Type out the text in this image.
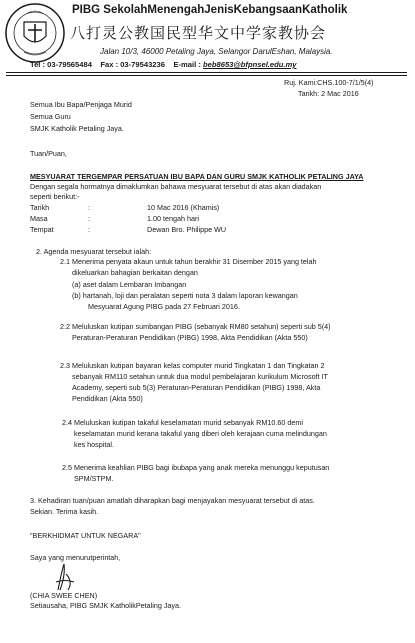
PIBG SekolahMenengahJenisKebangsaanKatholik
八打灵公教国民型华文中学家教协会
Jalan 10/3, 46000 Petaling Jaya, Selangor DarulEshan, Malaysia.
Tel : 03-79565484 Fax : 03-79543236 E-mail : beb8653@bfpnsel.edu.my
Ruj. Kami:CHS.100-7/1/5(4)
Tarikh: 2 Mac 2016
Semua Ibu Bapa/Penjaga Murid
Semua Guru
SMJK Katholik Petaling Jaya.
Tuan/Puan,
MESYUARAT TERGEMPAR PERSATUAN IBU BAPA DAN GURU SMJK KATHOLIK PETALING JAYA
Dengan segala hormatnya dimaklumkan bahawa mesyuarat tersebut di atas akan diadakan
seperti berikut:-
Tarikh	:	10 Mac 2016 (Khamis)
Masa	:	1.00 tengah hari
Tempat	:	Dewan Bro. Philippe WU
2. Agenda mesyuarat tersebut ialah:
2.1 Menerima penyata akaun untuk tahun berakhir 31 Disember 2015 yang telah
dikeluarkan bahagian berkaitan dengan
(a) aset dalam Lembaran Imbangan
(b) hartanah, loji dan peralatan seperti nota 3 dalam laporan kewangan
Mesyuarat Agung PIBG pada 27 Februari 2016.
2.2 Meluluskan kutipan sumbangan PIBG (sebanyak RM80 setahun) seperti sub 5(4)
Peraturan-Peraturan Pendidikan (PIBG) 1998, Akta Pendidikan (Akta 550)
2.3 Meluluskan kutipan bayaran kelas computer murid Tingkatan 1 dan Tingkatan 2
sebanyak RM110 setahun untuk dua modul pembelajaran kurikulum Microsoft IT
Academy, seperti sub 5(3) Peraturan-Peraturan Pendidikan (PIBG) 1998, Akta
Pendidikan (Akta 550)
2.4 Meluluskan kutipan takaful keselamatan murid sebanyak RM10.60 demi
keselamatan murid kerana takaful yang diberi oleh kerajaan cuma melindungan
kes hospital.
2.5 Menerima keahlian PIBG bagi ibubapa yang anak mereka menunggu keputusan
SPM/STPM.
3. Kehadiran tuan/puan amatlah diharapkan bagi menjayakan mesyuarat tersebut di atas.
Sekian. Terima kasih.
"BERKHIDMAT UNTUK NEGARA"
Saya yang menurutperintah,
(CHIA SWEE CHEN)
Setiausaha, PIBG SMJK KatholikPetaling Jaya.
